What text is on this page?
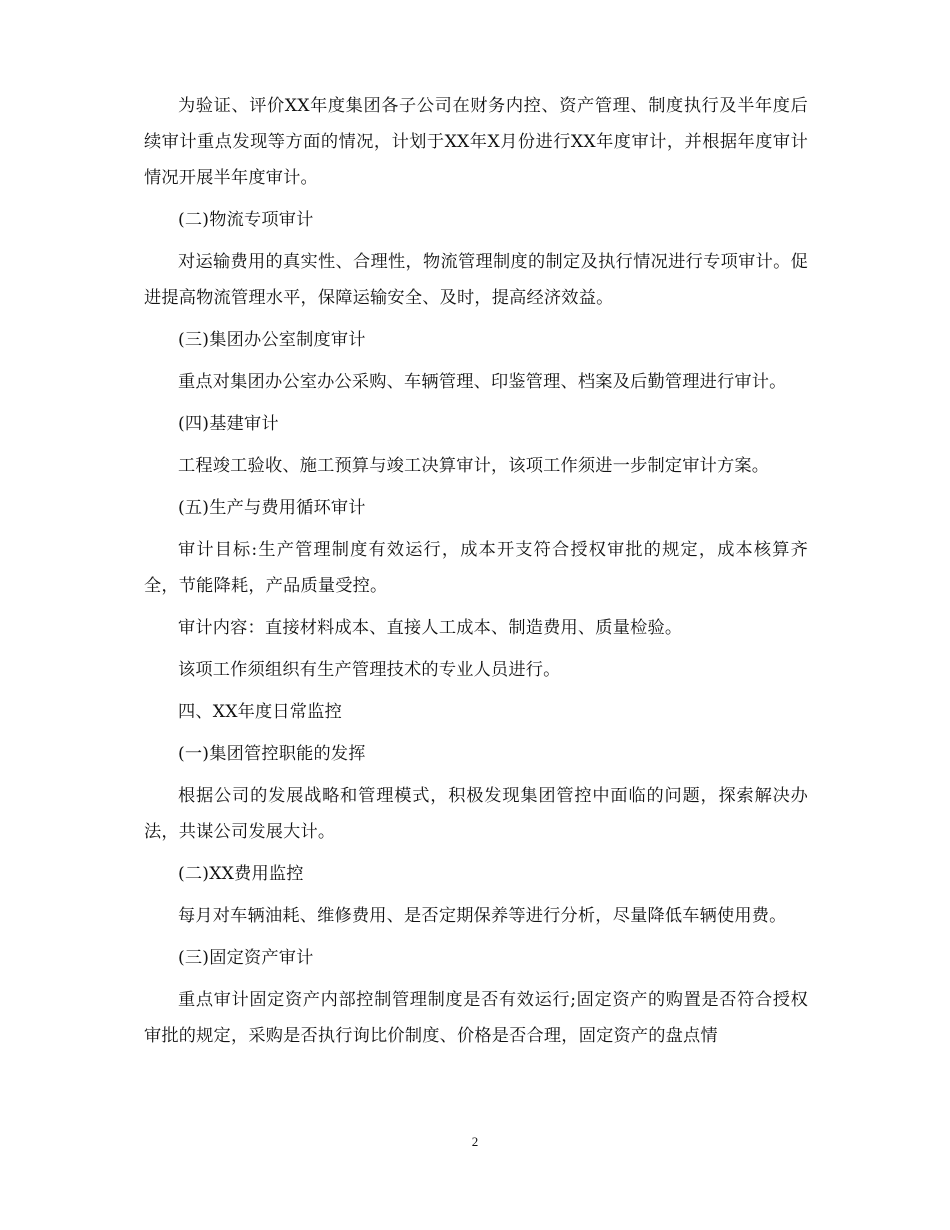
为验证、评价XX年度集团各子公司在财务内控、资产管理、制度执行及半年度后续审计重点发现等方面的情况，计划于XX年X月份进行XX年度审计，并根据年度审计情况开展半年度审计。

(二)物流专项审计

对运输费用的真实性、合理性，物流管理制度的制定及执行情况进行专项审计。促进提高物流管理水平，保障运输安全、及时，提高经济效益。

(三)集团办公室制度审计

重点对集团办公室办公采购、车辆管理、印鉴管理、档案及后勤管理进行审计。

(四)基建审计

工程竣工验收、施工预算与竣工决算审计，该项工作须进一步制定审计方案。

(五)生产与费用循环审计

审计目标:生产管理制度有效运行，成本开支符合授权审批的规定，成本核算齐全，节能降耗，产品质量受控。

审计内容：直接材料成本、直接人工成本、制造费用、质量检验。

该项工作须组织有生产管理技术的专业人员进行。

四、XX年度日常监控

(一)集团管控职能的发挥

根据公司的发展战略和管理模式，积极发现集团管控中面临的问题，探索解决办法，共谋公司发展大计。

(二)XX费用监控

每月对车辆油耗、维修费用、是否定期保养等进行分析，尽量降低车辆使用费。

(三)固定资产审计

重点审计固定资产内部控制管理制度是否有效运行;固定资产的购置是否符合授权审批的规定，采购是否执行询比价制度、价格是否合理，固定资产的盘点情

2
